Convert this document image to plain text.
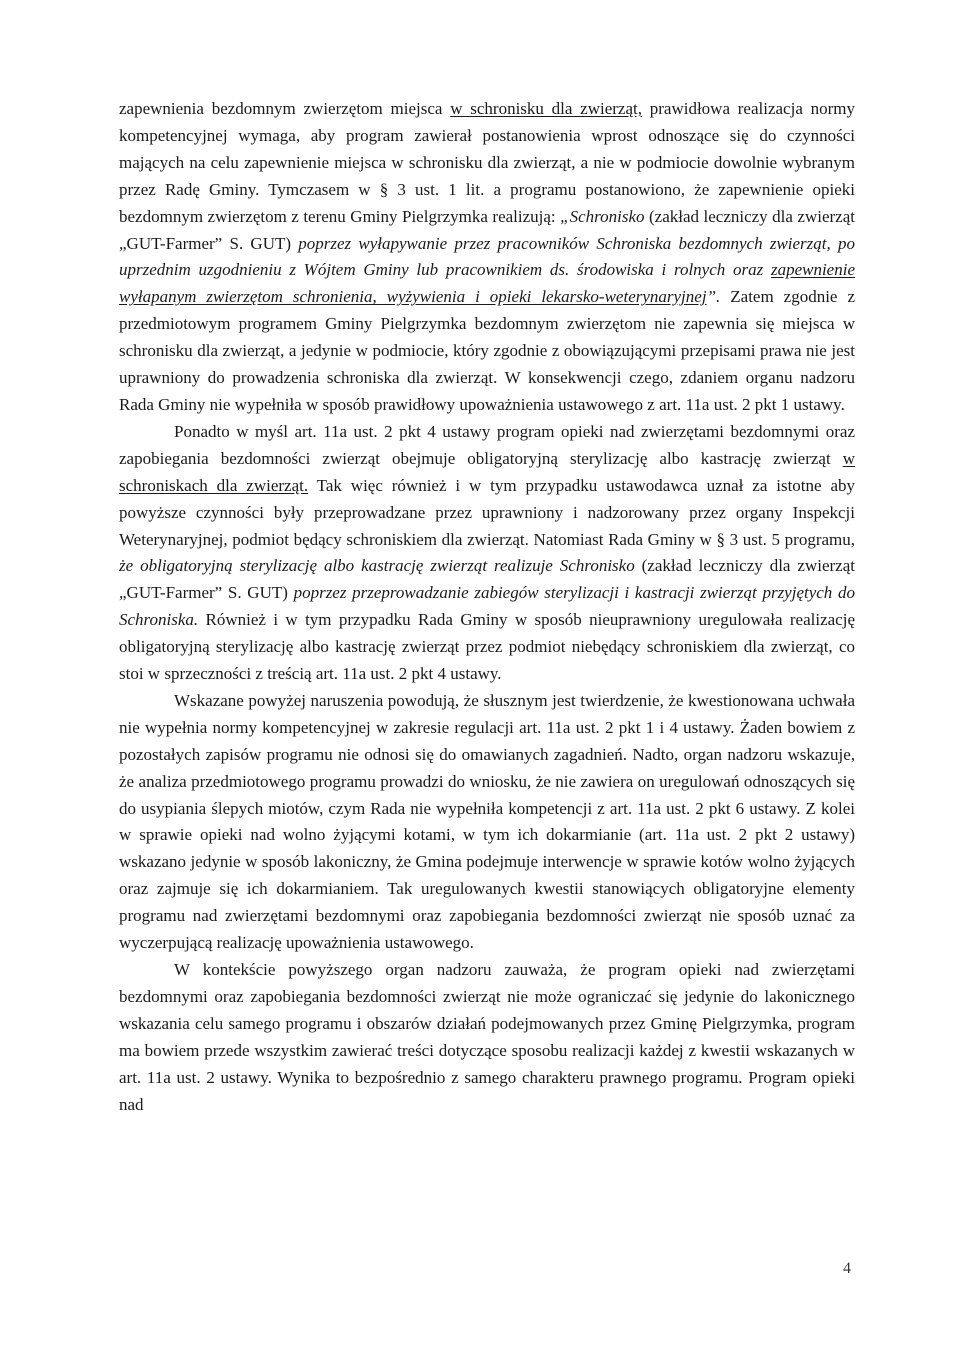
zapewnienia bezdomnym zwierzętom miejsca w schronisku dla zwierząt, prawidłowa realizacja normy kompetencyjnej wymaga, aby program zawierał postanowienia wprost odnoszące się do czynności mających na celu zapewnienie miejsca w schronisku dla zwierząt, a nie w podmiocie dowolnie wybranym przez Radę Gminy. Tymczasem w § 3 ust. 1 lit. a programu postanowiono, że zapewnienie opieki bezdomnym zwierzętom z terenu Gminy Pielgrzymka realizują: „Schronisko (zakład leczniczy dla zwierząt „GUT-Farmer” S. GUT) poprzez wyłapywanie przez pracowników Schroniska bezdomnych zwierząt, po uprzednim uzgodnieniu z Wójtem Gminy lub pracownikiem ds. środowiska i rolnych oraz zapewnienie wyłapanym zwierzętom schronienia, wyżywienia i opieki lekarsko-weterynaryjnej”. Zatem zgodnie z przedmiotowym programem Gminy Pielgrzymka bezdomnym zwierzętom nie zapewnia się miejsca w schronisku dla zwierząt, a jedynie w podmiocie, który zgodnie z obowiązującymi przepisami prawa nie jest uprawniony do prowadzenia schroniska dla zwierząt. W konsekwencji czego, zdaniem organu nadzoru Rada Gminy nie wypełniła w sposób prawidłowy upoważnienia ustawowego z art. 11a ust. 2 pkt 1 ustawy.

Ponadto w myśl art. 11a ust. 2 pkt 4 ustawy program opieki nad zwierzętami bezdomnymi oraz zapobiegania bezdomności zwierząt obejmuje obligatoryjną sterylizację albo kastrację zwierząt w schroniskach dla zwierząt. Tak więc również i w tym przypadku ustawodawca uznał za istotne aby powyższe czynności były przeprowadzane przez uprawniony i nadzorowany przez organy Inspekcji Weterynaryjnej, podmiot będący schroniskiem dla zwierząt. Natomiast Rada Gminy w § 3 ust. 5 programu, że obligatoryjną sterylizację albo kastrację zwierząt realizuje Schronisko (zakład leczniczy dla zwierząt „GUT-Farmer” S. GUT) poprzez przeprowadzanie zabiegów sterylizacji i kastracji zwierząt przyjętych do Schroniska. Również i w tym przypadku Rada Gminy w sposób nieuprawniony uregulowała realizację obligatoryjną sterylizację albo kastrację zwierząt przez podmiot niebędący schroniskiem dla zwierząt, co stoi w sprzeczności z treścią art. 11a ust. 2 pkt 4 ustawy.

Wskazane powyżej naruszenia powodują, że słusznym jest twierdzenie, że kwestionowana uchwała nie wypełnia normy kompetencyjnej w zakresie regulacji art. 11a ust. 2 pkt 1 i 4 ustawy. Żaden bowiem z pozostałych zapisów programu nie odnosi się do omawianych zagadnień. Nadto, organ nadzoru wskazuje, że analiza przedmiotowego programu prowadzi do wniosku, że nie zawiera on uregulowań odnoszących się do usypiania ślepych miotów, czym Rada nie wypełniła kompetencji z art. 11a ust. 2 pkt 6 ustawy. Z kolei w sprawie opieki nad wolno żyjącymi kotami, w tym ich dokarmianie (art. 11a ust. 2 pkt 2 ustawy) wskazano jedynie w sposób lakoniczny, że Gmina podejmuje interwencje w sprawie kotów wolno żyjących oraz zajmuje się ich dokarmianiem. Tak uregulowanych kwestii stanowiących obligatoryjne elementy programu nad zwierzętami bezdomnymi oraz zapobiegania bezdomności zwierząt nie sposób uznać za wyczerpującą realizację upoważnienia ustawowego.

W kontekście powyższego organ nadzoru zauważa, że program opieki nad zwierzętami bezdomnymi oraz zapobiegania bezdomności zwierząt nie może ograniczać się jedynie do lakonicznego wskazania celu samego programu i obszarów działań podejmowanych przez Gminę Pielgrzymka, program ma bowiem przede wszystkim zawierać treści dotyczące sposobu realizacji każdej z kwestii wskazanych w art. 11a ust. 2 ustawy. Wynika to bezpośrednio z samego charakteru prawnego programu. Program opieki nad

4
